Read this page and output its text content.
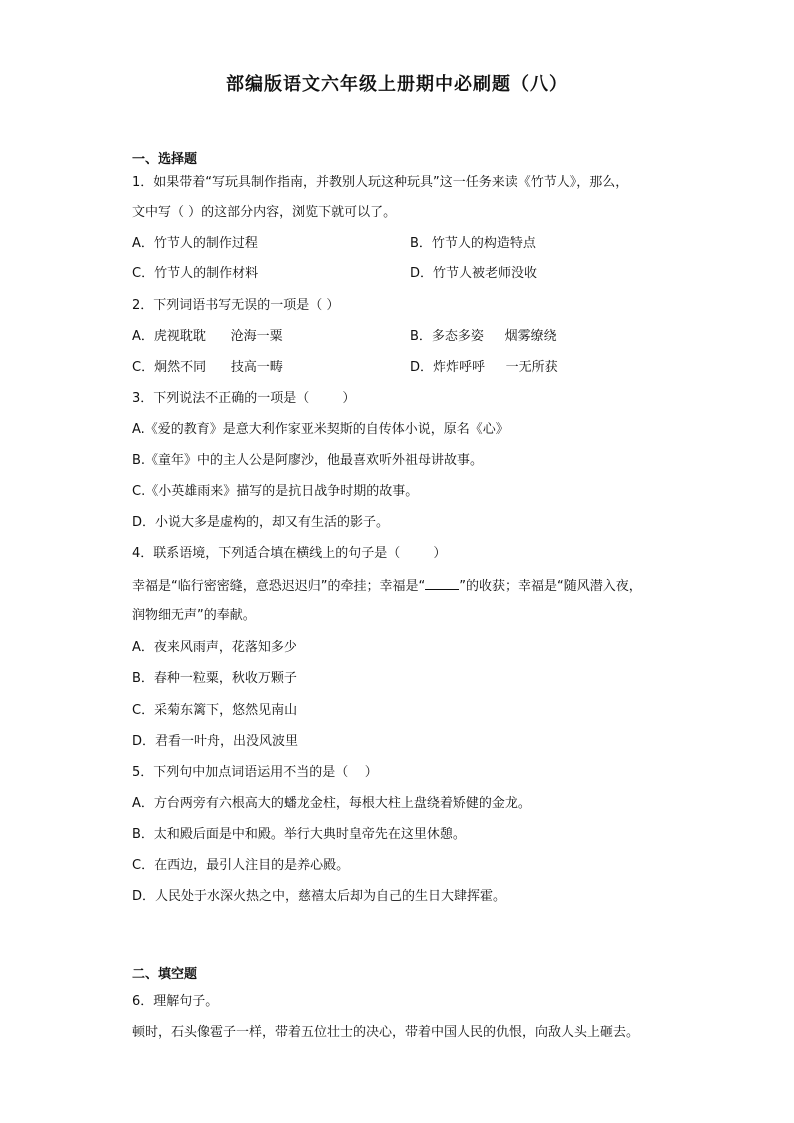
部编版语文六年级上册期中必刷题（八）
一、选择题
1．如果带着“写玩具制作指南，并教别人玩这种玩具”这一任务来读《竹节人》，那么，
文中写（ ）的这部分内容，浏览下就可以了。
A．竹节人的制作过程	B．竹节人的构造特点
C．竹节人的制作材料	D．竹节人被老师没收
2．下列词语书写无误的一项是（ ）
A．虎视耽耽      沧海一粟	B．多态多姿     烟雾缭绕
C．炯然不同      技高一畴	D．炸炸呼呼     一无所获
3．下列说法不正确的一项是（        ）
A.《爱的教育》是意大利作家亚米契斯的自传体小说，原名《心》
B.《童年》中的主人公是阿廖沙，他最喜欢听外祖母讲故事。
C.《小英雄雨来》描写的是抗日战争时期的故事。
D．小说大多是虚构的，却又有生活的影子。
4．联系语境，下列适合填在横线上的句子是（        ）
幸福是“临行密密缝，意恐迟迟归”的牵挂；幸福是“	”的收获；幸福是“随风潜入夜，
润物细无声”的奉献。
A．夜来风雨声，花落知多少
B．春种一粒粟，秋收万颗子
C．采菊东篱下，悠然见南山
D．君看一叶舟，出没风波里
5．下列句中加点词语运用不当的是（    ）
A．方台两旁有六根高大的蟠龙金柱，每根大柱上盘绕着矫健的金龙。
B．太和殿后面是中和殿。举行大典时皇帝先在这里休憩。
C．在西边，最引人注目的是养心殿。
D．人民处于水深火热之中，慈禧太后却为自己的生日大肆挥霍。
二、填空题
6．理解句子。
顿时，石头像雹子一样，带着五位壮士的决心，带着中国人民的仇恨，向敌人头上砸去。
